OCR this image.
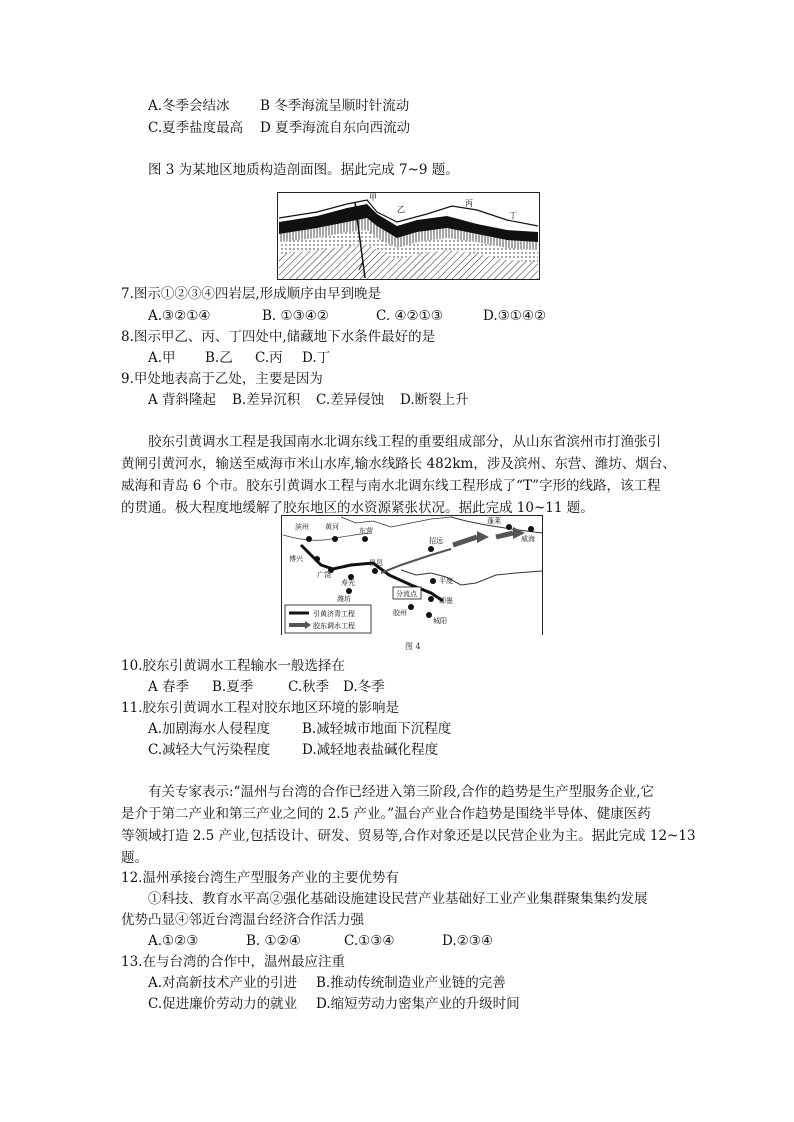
A.冬季会结冰 B 冬季海流呈顺时针流动
C.夏季盐度最高 D 夏季海流自东向西流动
图 3 为某地区地质构造剖面图。据此完成 7~9 题。
甲
乙
丙
丁
7.图示①②③④四岩层,形成顺序由早到晚是
A.③②①④	B. ①③④②	C. ④②①③	D.③①④②
8.图示甲乙、丙、丁四处中,储藏地下水条件最好的是
A.甲 B.乙 C.丙 D.丁
9.甲处地表高于乙处，主要是因为
A 背斜隆起 B.差异沉积 C.差异侵蚀 D.断裂上升
胶东引黄调水工程是我国南水北调东线工程的重要组成部分，从山东省滨州市打渔张引
黄闸引黄河水，输送至威海市米山水库,输水线路长 482km，涉及滨州、东营、潍坊、烟台、
威海和青岛 6 个市。胶东引黄调水工程与南水北调东线工程形成了“T”字形的线路，该工程
的贯通。极大程度地缓解了胶东地区的水资源紧张状况。据此完成 10~11 题。
滨州 黄河	东营
博兴
广饶
昌邑
寿光
潍坊
平度
招远
蓬莱
威海
即墨
胶州
城阳
分流点
引黄济青工程
胶东调水工程
图 4
10.胶东引黄调水工程输水一般选择在
A 春季 B.夏季	C.秋季 D.冬季
11.胶东引黄调水工程对胶东地区环境的影响是
A.加剧海水人侵程度 B.减轻城市地面下沉程度
C.减轻大气污染程度 D.减轻地表盐碱化程度
有关专家表示:“温州与台湾的合作已经进入第三阶段,合作的趋势是生产型服务企业,它
是介于第二产业和第三产业之间的 2.5 产业。”温台产业合作趋势是围绕半导体、健康医药
等领域打造 2.5 产业,包括设计、研发、贸易等,合作对象还是以民营企业为主。据此完成 12~13
题。
12.温州承接台湾生产型服务产业的主要优势有
①科技、教育水平高②强化基础设施建设民营产业基础好工业产业集群聚集集约发展
优势凸显④邻近台湾温台经济合作活力强
A.①②③	B. ①②④	C.①③④	D.②③④
13.在与台湾的合作中，温州最应注重
A.对高新技术产业的引进 B.推动传统制造业产业链的完善
C.促进廉价劳动力的就业 D.缩短劳动力密集产业的升级时间
